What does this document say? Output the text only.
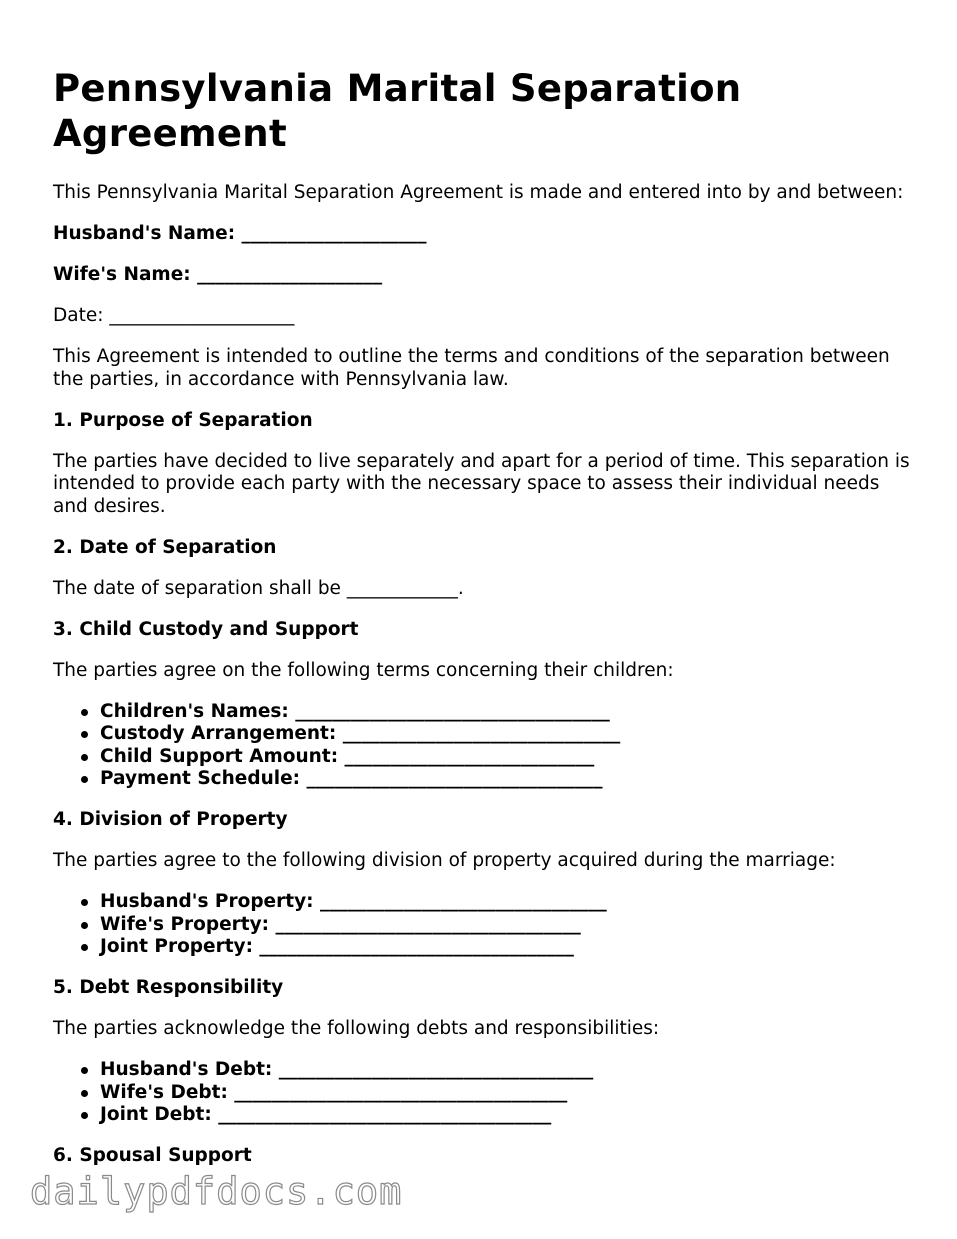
Pennsylvania Marital Separation Agreement

This Pennsylvania Marital Separation Agreement is made and entered into by and between:

Husband's Name: ____________________

Wife's Name: ____________________

Date: ____________________

This Agreement is intended to outline the terms and conditions of the separation between the parties, in accordance with Pennsylvania law.

1. Purpose of Separation

The parties have decided to live separately and apart for a period of time. This separation is intended to provide each party with the necessary space to assess their individual needs and desires.

2. Date of Separation

The date of separation shall be ____________.

3. Child Custody and Support

The parties agree on the following terms concerning their children:

Children's Names: __________________________________
Custody Arrangement: ______________________________
Child Support Amount: ___________________________
Payment Schedule: ________________________________
4. Division of Property

The parties agree to the following division of property acquired during the marriage:

Husband's Property: _______________________________
Wife's Property: _________________________________
Joint Property: __________________________________
5. Debt Responsibility

The parties acknowledge the following debts and responsibilities:

Husband's Debt: __________________________________
Wife's Debt: ____________________________________
Joint Debt: ____________________________________
6. Spousal Support
dailypdfdocs.com
